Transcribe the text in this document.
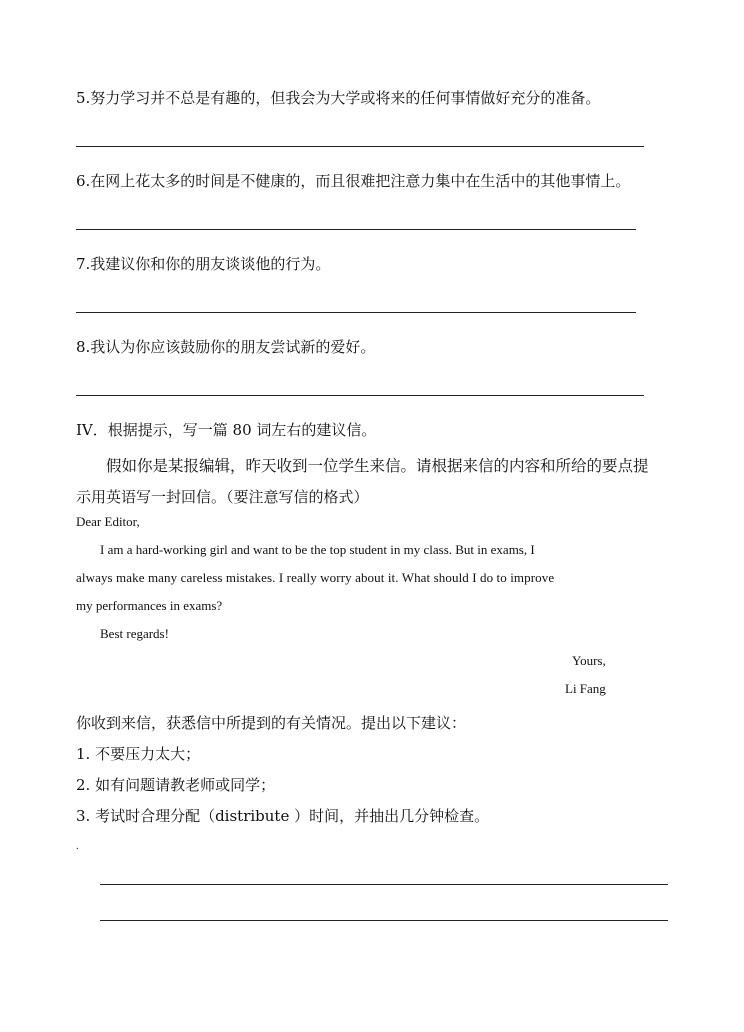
5.努力学习并不总是有趣的，但我会为大学或将来的任何事情做好充分的准备。
6.在网上花太多的时间是不健康的，而且很难把注意力集中在生活中的其他事情上。
7.我建议你和你的朋友谈谈他的行为。
8.我认为你应该鼓励你的朋友尝试新的爱好。
IV．根据提示，写一篇 80 词左右的建议信。
假如你是某报编辑，昨天收到一位学生来信。请根据来信的内容和所给的要点提
示用英语写一封回信。（要注意写信的格式）
Dear Editor,
I am a hard-working girl and want to be the top student in my class. But in exams, I
always make many careless mistakes. I really worry about it. What should I do to improve
my performances in exams?
Best regards!
Yours,
Li Fang
你收到来信，获悉信中所提到的有关情况。提出以下建议：
1. 不要压力太大；
2. 如有问题请教老师或同学；
3. 考试时合理分配（distribute ）时间，并抽出几分钟检查。
.
